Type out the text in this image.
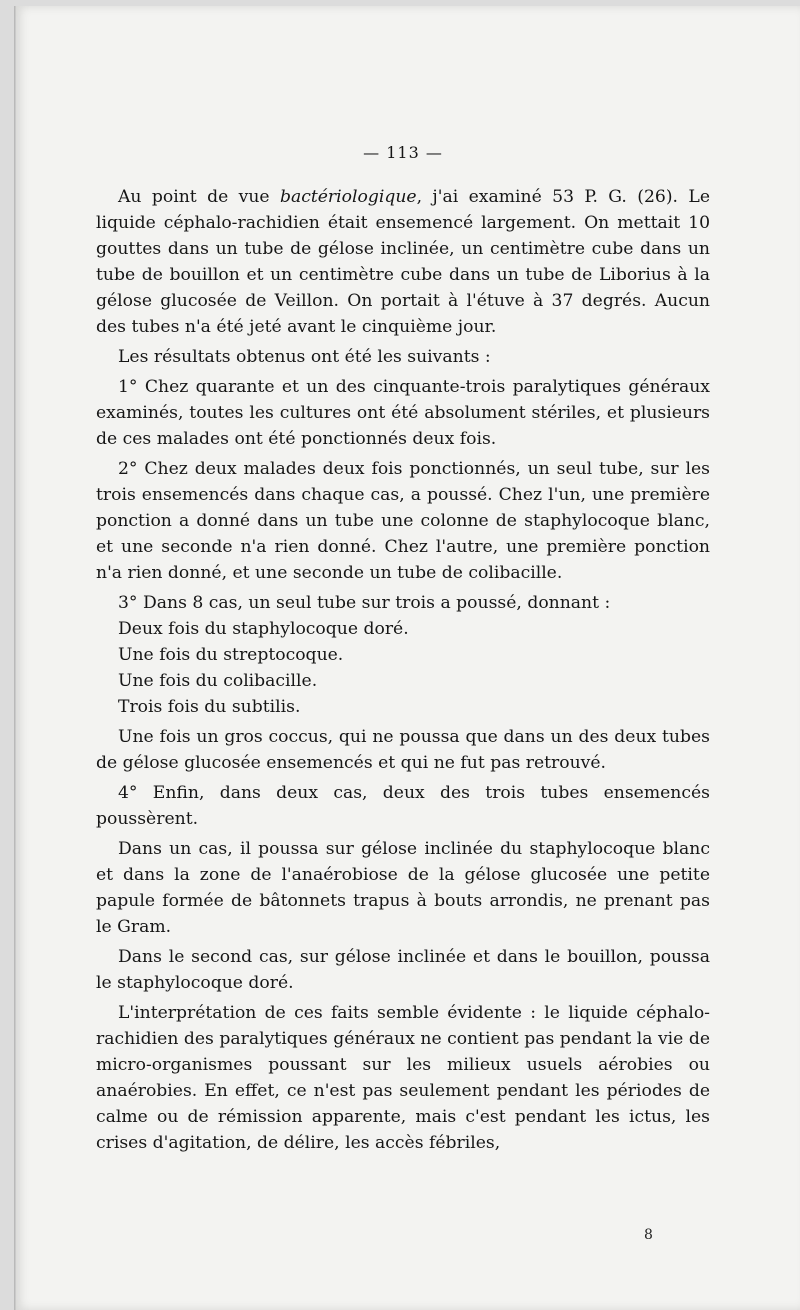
8

— 113 —

Au point de vue bactériologique, j'ai examiné 53 P. G. (26). Le liquide céphalo-rachidien était ensemencé largement. On mettait 10 gouttes dans un tube de gélose inclinée, un centimètre cube dans un tube de bouillon et un centimètre cube dans un tube de Liborius à la gélose glucosée de Veillon. On portait à l'étuve à 37 degrés. Aucun des tubes n'a été jeté avant le cinquième jour.

Les résultats obtenus ont été les suivants :

1° Chez quarante et un des cinquante-trois paralytiques généraux examinés, toutes les cultures ont été absolument stériles, et plusieurs de ces malades ont été ponctionnés deux fois.

2° Chez deux malades deux fois ponctionnés, un seul tube, sur les trois ensemencés dans chaque cas, a poussé. Chez l'un, une première ponction a donné dans un tube une colonne de staphylocoque blanc, et une seconde n'a rien donné. Chez l'autre, une première ponction n'a rien donné, et une seconde un tube de colibacille.

3° Dans 8 cas, un seul tube sur trois a poussé, donnant :

Deux fois du staphylocoque doré.

Une fois du streptocoque.

Une fois du colibacille.

Trois fois du subtilis.

Une fois un gros coccus, qui ne poussa que dans un des deux tubes de gélose glucosée ensemencés et qui ne fut pas retrouvé.

4° Enfin, dans deux cas, deux des trois tubes ensemencés poussèrent.

Dans un cas, il poussa sur gélose inclinée du staphylocoque blanc et dans la zone de l'anaérobiose de la gélose glucosée une petite papule formée de bâtonnets trapus à bouts arrondis, ne prenant pas le Gram.

Dans le second cas, sur gélose inclinée et dans le bouillon, poussa le staphylocoque doré.

L'interprétation de ces faits semble évidente : le liquide céphalo-rachidien des paralytiques généraux ne contient pas pendant la vie de micro-organismes poussant sur les milieux usuels aérobies ou anaérobies. En effet, ce n'est pas seulement pendant les périodes de calme ou de rémission apparente, mais c'est pendant les ictus, les crises d'agitation, de délire, les accès fébriles,
